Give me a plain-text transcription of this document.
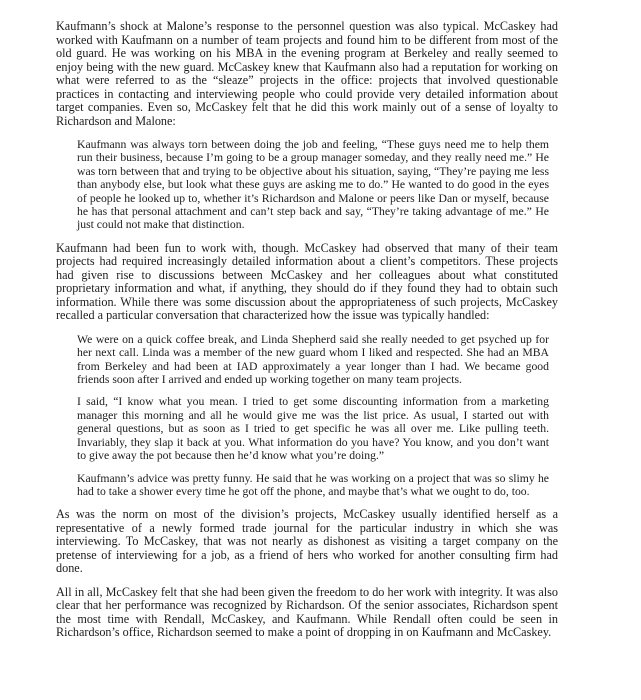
Kaufmann’s shock at Malone’s response to the personnel question was also typical. McCaskey had worked with Kaufmann on a number of team projects and found him to be different from most of the old guard. He was working on his MBA in the evening program at Berkeley and really seemed to enjoy being with the new guard. McCaskey knew that Kaufmann also had a reputation for working on what were referred to as the “sleaze” projects in the office: projects that involved questionable practices in contacting and interviewing people who could provide very detailed information about target companies. Even so, McCaskey felt that he did this work mainly out of a sense of loyalty to Richardson and Malone:

Kaufmann was always torn between doing the job and feeling, “These guys need me to help them run their business, because I’m going to be a group manager someday, and they really need me.” He was torn between that and trying to be objective about his situation, saying, “They’re paying me less than anybody else, but look what these guys are asking me to do.” He wanted to do good in the eyes of people he looked up to, whether it’s Richardson and Malone or peers like Dan or myself, because he has that personal attachment and can’t step back and say, “They’re taking advantage of me.” He just could not make that distinction.

Kaufmann had been fun to work with, though. McCaskey had observed that many of their team projects had required increasingly detailed information about a client’s competitors. These projects had given rise to discussions between McCaskey and her colleagues about what constituted proprietary information and what, if anything, they should do if they found they had to obtain such information. While there was some discussion about the appropriateness of such projects, McCaskey recalled a particular conversation that characterized how the issue was typically handled:

We were on a quick coffee break, and Linda Shepherd said she really needed to get psyched up for her next call. Linda was a member of the new guard whom I liked and respected. She had an MBA from Berkeley and had been at IAD approximately a year longer than I had. We became good friends soon after I arrived and ended up working together on many team projects.

I said, “I know what you mean. I tried to get some discounting information from a marketing manager this morning and all he would give me was the list price. As usual, I started out with general questions, but as soon as I tried to get specific he was all over me. Like pulling teeth. Invariably, they slap it back at you. What information do you have? You know, and you don’t want to give away the pot because then he’d know what you’re doing.”

Kaufmann’s advice was pretty funny. He said that he was working on a project that was so slimy he had to take a shower every time he got off the phone, and maybe that’s what we ought to do, too.

As was the norm on most of the division’s projects, McCaskey usually identified herself as a representative of a newly formed trade journal for the particular industry in which she was interviewing. To McCaskey, that was not nearly as dishonest as visiting a target company on the pretense of interviewing for a job, as a friend of hers who worked for another consulting firm had done.

All in all, McCaskey felt that she had been given the freedom to do her work with integrity. It was also clear that her performance was recognized by Richardson. Of the senior associates, Richardson spent the most time with Rendall, McCaskey, and Kaufmann. While Rendall often could be seen in Richardson’s office, Richardson seemed to make a point of dropping in on Kaufmann and McCaskey.
